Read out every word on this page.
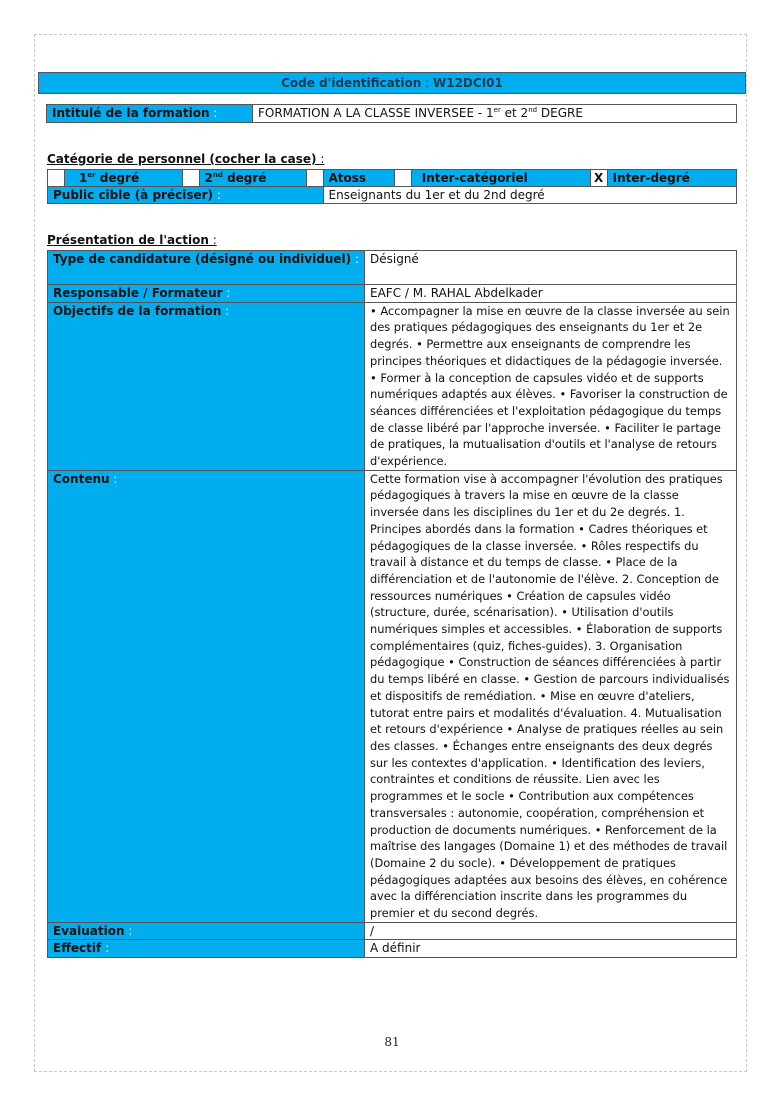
Code d'identification : W12DCI01
Intitulé de la formation :	FORMATION A LA CLASSE INVERSEE - 1er et 2nd DEGRE
Catégorie de personnel (cocher la case) :
	1er degré		2nd degré		Atoss		Inter-catégoriel	X	Inter-degré
Public cible (à préciser) :					Enseignants du 1er et du 2nd degré				
Présentation de l'action :
Type de candidature (désigné ou individuel) :	Désigné
Responsable / Formateur :	EAFC / M. RAHAL Abdelkader
Objectifs de la formation :	• Accompagner la mise en œuvre de la classe inversée au sein des pratiques pédagogiques des enseignants du 1er et 2e degrés. • Permettre aux enseignants de comprendre les principes théoriques et didactiques de la pédagogie inversée. • Former à la conception de capsules vidéo et de supports numériques adaptés aux élèves. • Favoriser la construction de séances différenciées et l'exploitation pédagogique du temps de classe libéré par l'approche inversée. • Faciliter le partage de pratiques, la mutualisation d'outils et l'analyse de retours d'expérience.
Contenu :	Cette formation vise à accompagner l'évolution des pratiques pédagogiques à travers la mise en œuvre de la classe inversée dans les disciplines du 1er et du 2e degrés. 1. Principes abordés dans la formation • Cadres théoriques et pédagogiques de la classe inversée. • Rôles respectifs du travail à distance et du temps de classe. • Place de la différenciation et de l'autonomie de l'élève. 2. Conception de ressources numériques • Création de capsules vidéo (structure, durée, scénarisation). • Utilisation d'outils numériques simples et accessibles. • Élaboration de supports complémentaires (quiz, fiches-guides). 3. Organisation pédagogique • Construction de séances différenciées à partir du temps libéré en classe. • Gestion de parcours individualisés et dispositifs de remédiation. • Mise en œuvre d'ateliers, tutorat entre pairs et modalités d'évaluation. 4. Mutualisation et retours d'expérience • Analyse de pratiques réelles au sein des classes. • Échanges entre enseignants des deux degrés sur les contextes d'application. • Identification des leviers, contraintes et conditions de réussite. Lien avec les programmes et le socle • Contribution aux compétences transversales : autonomie, coopération, compréhension et production de documents numériques. • Renforcement de la maîtrise des langages (Domaine 1) et des méthodes de travail (Domaine 2 du socle). • Développement de pratiques pédagogiques adaptées aux besoins des élèves, en cohérence avec la différenciation inscrite dans les programmes du premier et du second degrés.
Evaluation :	/
Effectif :	A définir
81
